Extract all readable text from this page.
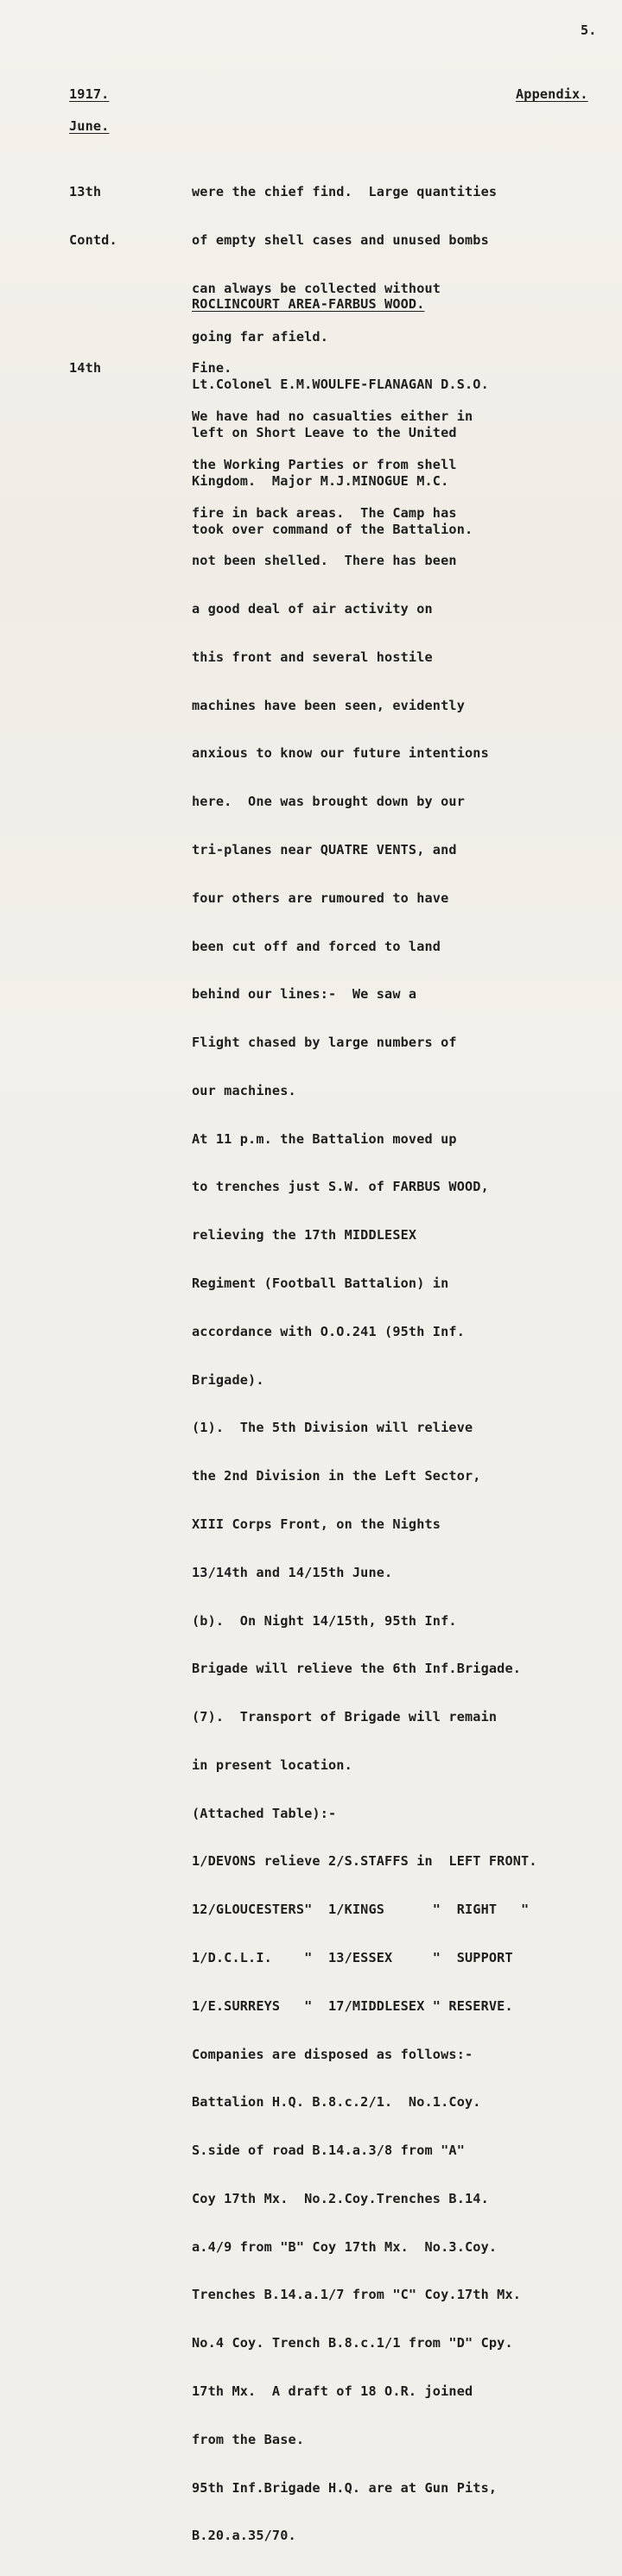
5.
1917.	Appendix.
June.

13th

Contd.

were the chief find.  Large quantities

of empty shell cases and unused bombs

can always be collected without

going far afield.

Lt.Colonel E.M.WOULFE-FLANAGAN D.S.O.

left on Short Leave to the United

Kingdom.  Major M.J.MINOGUE M.C.

took over command of the Battalion.

ROCLINCOURT AREA-FARBUS WOOD.

14th

	Fine.

We have had no casualties either in

the Working Parties or from shell

fire in back areas.  The Camp has

not been shelled.  There has been

a good deal of air activity on

this front and several hostile

machines have been seen, evidently

anxious to know our future intentions

here.  One was brought down by our

tri-planes near QUATRE VENTS, and

four others are rumoured to have

been cut off and forced to land

behind our lines:-  We saw a

Flight chased by large numbers of

our machines.

At 11 p.m. the Battalion moved up

to trenches just S.W. of FARBUS WOOD,

relieving the 17th MIDDLESEX

Regiment (Football Battalion) in

accordance with O.O.241 (95th Inf.

Brigade).

(1).  The 5th Division will relieve

the 2nd Division in the Left Sector,

XIII Corps Front, on the Nights

13/14th and 14/15th June.

(b).  On Night 14/15th, 95th Inf.

Brigade will relieve the 6th Inf.Brigade.

(7).  Transport of Brigade will remain

in present location.

(Attached Table):-

1/DEVONS relieve 2/S.STAFFS in  LEFT FRONT.

12/GLOUCESTERS"  1/KINGS      "  RIGHT   "

1/D.C.L.I.    "  13/ESSEX     "  SUPPORT

1/E.SURREYS   "  17/MIDDLESEX " RESERVE.

Companies are disposed as follows:-

Battalion H.Q. B.8.c.2/1.  No.1.Coy.

S.side of road B.14.a.3/8 from "A"

Coy 17th Mx.  No.2.Coy.Trenches B.14.

a.4/9 from "B" Coy 17th Mx.  No.3.Coy.

Trenches B.14.a.1/7 from "C" Coy.17th Mx.

No.4 Coy. Trench B.8.c.1/1 from "D" Cpy.

17th Mx.  A draft of 18 O.R. joined

from the Base.

95th Inf.Brigade H.Q. are at Gun Pits,

B.20.a.35/70.
